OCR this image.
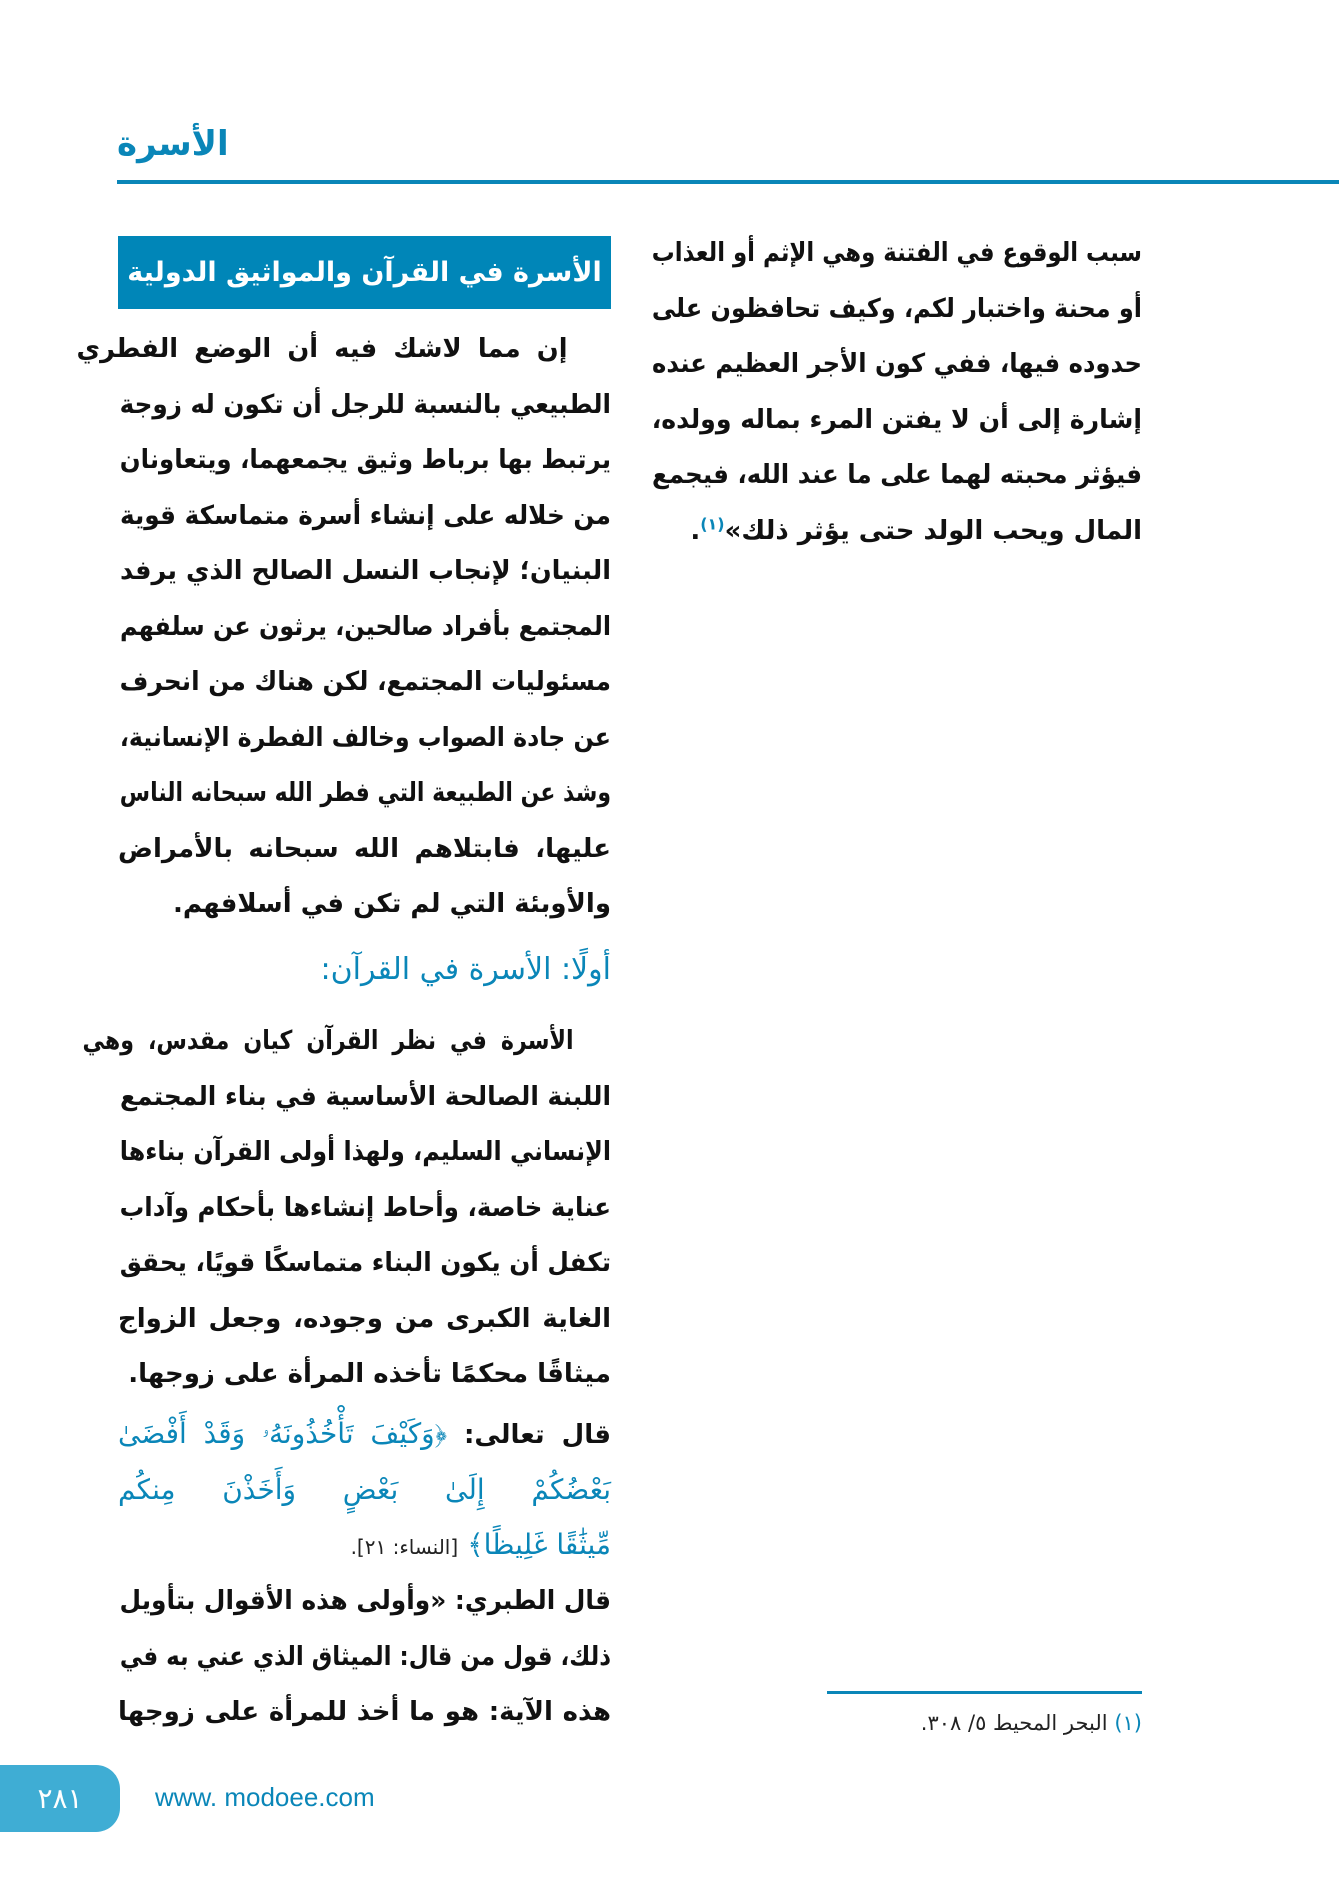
الأسرة
سبب الوقوع في الفتنة وهي الإثم أو العذاب
أو محنة واختبار لكم، وكيف تحافظون على
حدوده فيها، ففي كون الأجر العظيم عنده
إشارة إلى أن لا يفتن المرء بماله وولده،
فيؤثر محبته لهما على ما عند الله، فيجمع
المال ويحب الولد حتى يؤثر ذلك»$^{(١)}$.
الأسرة في القرآن والمواثيق الدولية
إن مما لاشك فيه أن الوضع الفطري
الطبيعي بالنسبة للرجل أن تكون له زوجة
يرتبط بها برباط وثيق يجمعهما، ويتعاونان
من خلاله على إنشاء أسرة متماسكة قوية
البنيان؛ لإنجاب النسل الصالح الذي يرفد
المجتمع بأفراد صالحين، يرثون عن سلفهم
مسئوليات المجتمع، لكن هناك من انحرف
عن جادة الصواب وخالف الفطرة الإنسانية،
وشذ عن الطبيعة التي فطر الله سبحانه الناس
عليها، فابتلاهم الله سبحانه بالأمراض
والأوبئة التي لم تكن في أسلافهم.
أولًا: الأسرة في القرآن:
الأسرة في نظر القرآن كيان مقدس، وهي
اللبنة الصالحة الأساسية في بناء المجتمع
الإنساني السليم، ولهذا أولى القرآن بناءها
عناية خاصة، وأحاط إنشاءها بأحكام وآداب
تكفل أن يكون البناء متماسكًا قويًا، يحقق
الغاية الكبرى من وجوده، وجعل الزواج
ميثاقًا محكمًا تأخذه المرأة على زوجها.
قال تعالى: ﴿وَكَيْفَ تَأْخُذُونَهُۥ وَقَدْ أَفْضَىٰ
بَعْضُكُمْ إِلَىٰ بَعْضٍ وَأَخَذْنَ مِنكُم
مِّيثَٰقًا غَلِيظًا﴾ [النساء: ٢١].
قال الطبري: «وأولى هذه الأقوال بتأويل
ذلك، قول من قال: الميثاق الذي عني به في
هذه الآية: هو ما أخذ للمرأة على زوجها	(١) البحر المحيط ٥/ ٣٠٨.
٢٨١	www. modoee.com
